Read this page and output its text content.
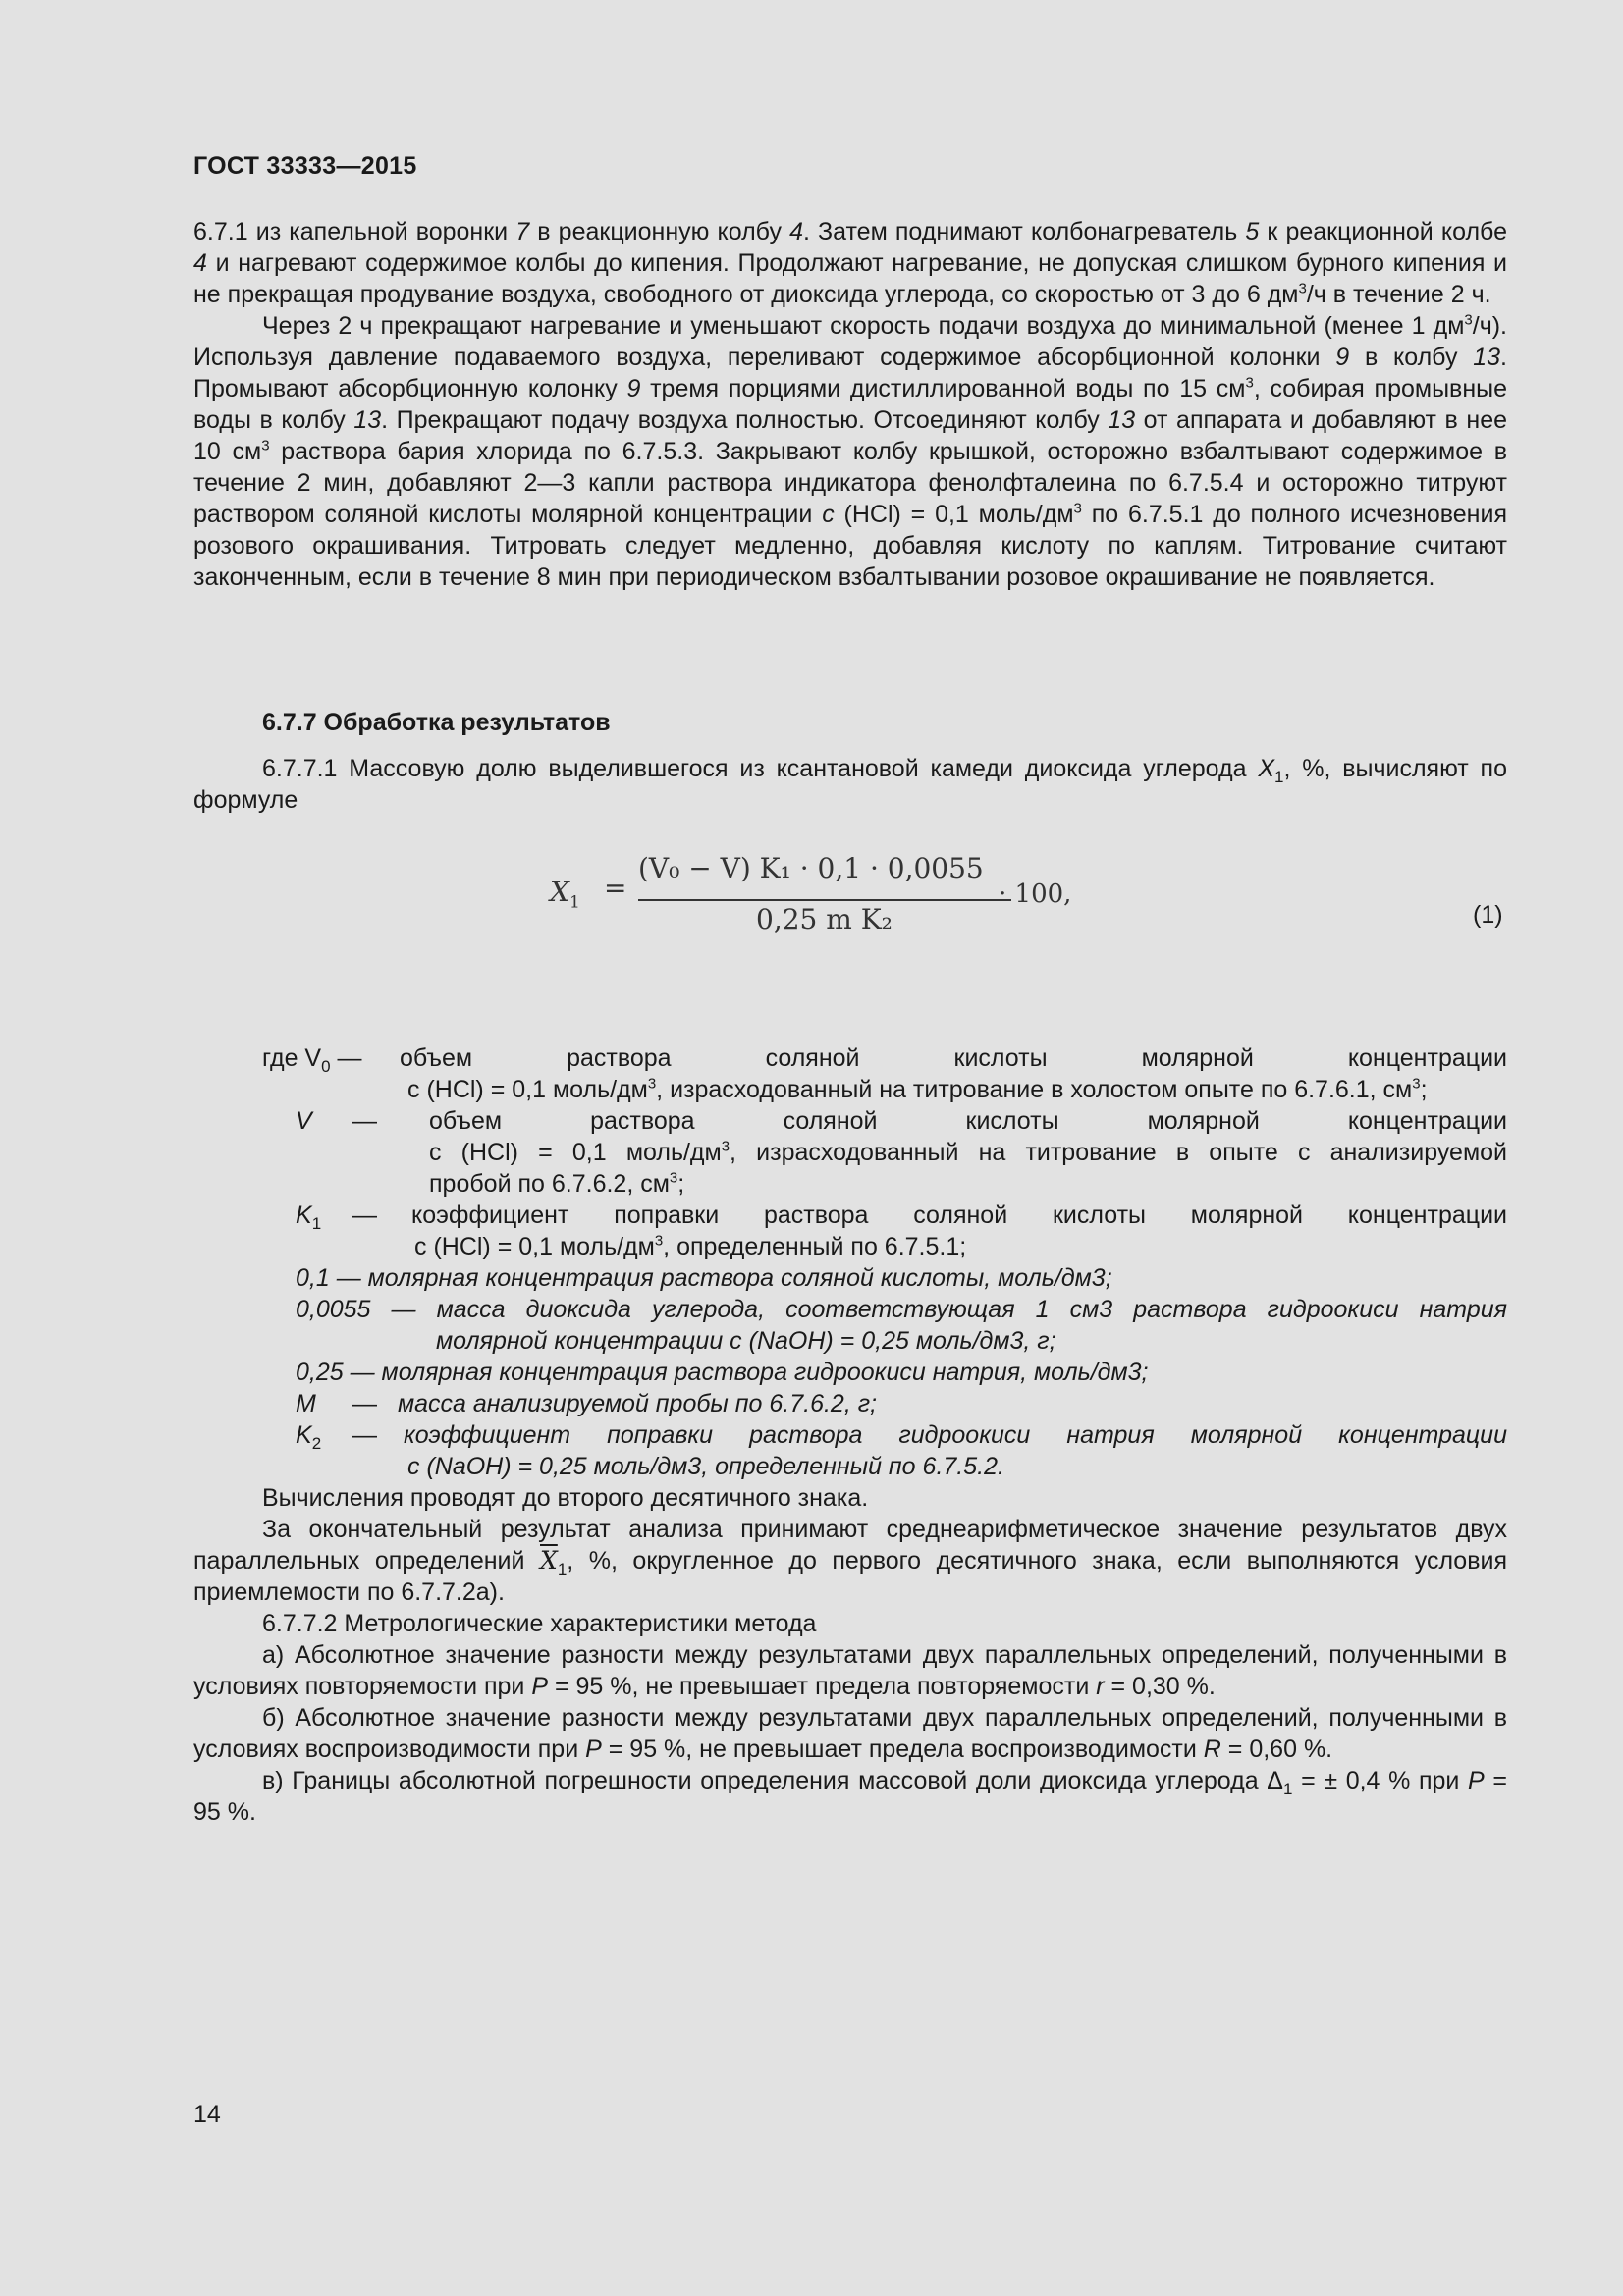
ГОСТ 33333—2015

6.7.1 из капельной воронки 7 в реакционную колбу 4. Затем поднимают колбонагреватель 5 к реакционной колбе 4 и нагревают содержимое колбы до кипения. Продолжают нагревание, не допуская слишком бурного кипения и не прекращая продувание воздуха, свободного от диоксида углерода, со скоростью от 3 до 6 $дм^3/ч$ в течение 2 ч.

Через 2 ч прекращают нагревание и уменьшают скорость подачи воздуха до минимальной (менее 1 $дм^3/ч$). Используя давление подаваемого воздуха, переливают содержимое абсорбционной колонки 9 в колбу 13. Промывают абсорбционную колонку 9 тремя порциями дистиллированной воды по 15 $см^3$, собирая промывные воды в колбу 13. Прекращают подачу воздуха полностью. Отсоединяют колбу 13 от аппарата и добавляют в нее 10 $см^3$ раствора бария хлорида по 6.7.5.3. Закрывают колбу крышкой, осторожно взбалтывают содержимое в течение 2 мин, добавляют 2—3 капли раствора индикатора фенолфталеина по 6.7.5.4 и осторожно титруют раствором соляной кислоты молярной концентрации c (HCl) = 0,1 моль/$дм^3$ по 6.7.5.1 до полного исчезновения розового окрашивания. Титровать следует медленно, добавляя кислоту по каплям. Титрование считают законченным, если в течение 8 мин при периодическом взбалтывании розовое окрашивание не появляется.

6.7.7 Обработка результатов

6.7.7.1 Массовую долю выделившегося из ксантановой камеди диоксида углерода $X_1$, %, вычисляют по формуле

$X_1$ =
(V₀ − V) K₁ · 0,1 · 0,0055
0,25 m K₂
· 100,
(1)
где $V_0$ —	объем раствора соляной кислоты молярной концентрации
c (HCl) = 0,1 моль/$дм^3$, израсходованный на титрование в холостом опыте по 6.7.6.1, $см^3$;
V	—	объем раствора соляной кислоты молярной концентрации
c (HCl) = 0,1 моль/$дм^3$, израсходованный на титрование в опыте с анализируемой
пробой по 6.7.6.2, $см^3$;
$K_1$	—	коэффициент поправки раствора соляной кислоты молярной концентрации
c (HCl) = 0,1 моль/$дм^3$, определенный по 6.7.5.1;
0,1 — молярная концентрация раствора соляной кислоты, моль/дм3;
0,0055 — масса диоксида углерода, соответствующая 1 см3 раствора гидроокиси натрия
молярной концентрации с (NaOH) = 0,25 моль/дм3, г;
0,25 — молярная концентрация раствора гидроокиси натрия, моль/дм3;
М	— масса анализируемой пробы по 6.7.6.2, г;
$K_2$	—	коэффициент поправки раствора гидроокиси натрия молярной концентрации
c (NaOH) = 0,25 моль/дм3, определенный по 6.7.5.2.

Вычисления проводят до второго десятичного знака.

За окончательный результат анализа принимают среднеарифметическое значение результатов двух параллельных определений $\overline{X}_1$, %, округленное до первого десятичного знака, если выполняются условия приемлемости по 6.7.7.2а).

6.7.7.2 Метрологические характеристики метода

а) Абсолютное значение разности между результатами двух параллельных определений, полученными в условиях повторяемости при P = 95 %, не превышает предела повторяемости r = 0,30 %.

б) Абсолютное значение разности между результатами двух параллельных определений, полученными в условиях воспроизводимости при P = 95 %, не превышает предела воспроизводимости R = 0,60 %.

в) Границы абсолютной погрешности определения массовой доли диоксида углерода $\Delta_1$ = ± 0,4 % при P = 95 %.

14
